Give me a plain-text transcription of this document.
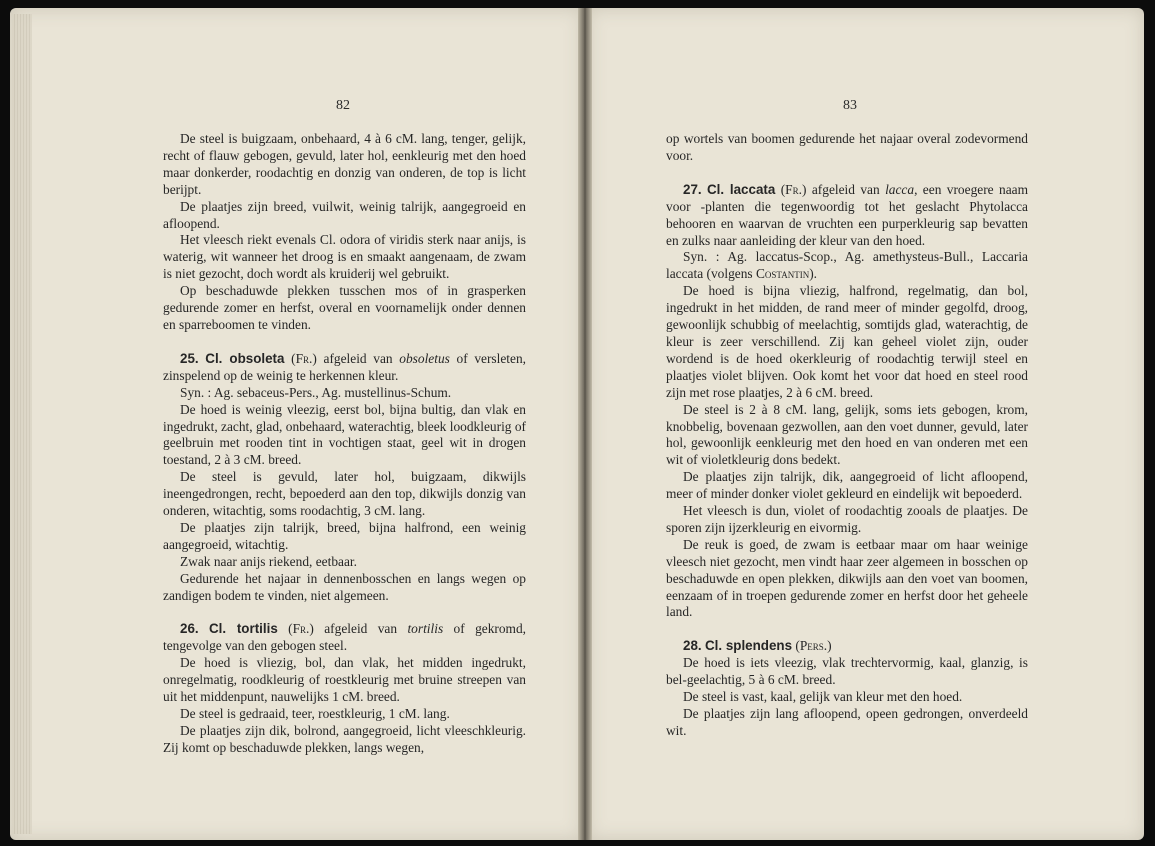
82

De steel is buigzaam, onbehaard, 4 à 6 cM. lang, tenger, gelijk, recht of flauw gebogen, gevuld, later hol, eenkleurig met den hoed maar donkerder, roodachtig en donzig van onderen, de top is licht berijpt.

De plaatjes zijn breed, vuilwit, weinig talrijk, aangegroeid en afloopend.

Het vleesch riekt evenals Cl. odora of viridis sterk naar anijs, is waterig, wit wanneer het droog is en smaakt aangenaam, de zwam is niet gezocht, doch wordt als kruiderij wel gebruikt.

Op beschaduwde plekken tusschen mos of in grasperken gedurende zomer en herfst, overal en voornamelijk onder dennen en sparreboomen te vinden.

25. Cl. obsoleta (Fr.) afgeleid van obsoletus of versleten, zinspelend op de weinig te herkennen kleur.

Syn. : Ag. sebaceus-Pers., Ag. mustellinus-Schum.

De hoed is weinig vleezig, eerst bol, bijna bultig, dan vlak en ingedrukt, zacht, glad, onbehaard, waterachtig, bleek loodkleurig of geelbruin met rooden tint in vochtigen staat, geel wit in drogen toestand, 2 à 3 cM. breed.

De steel is gevuld, later hol, buigzaam, dikwijls ineengedrongen, recht, bepoederd aan den top, dikwijls donzig van onderen, witachtig, soms roodachtig, 3 cM. lang.

De plaatjes zijn talrijk, breed, bijna halfrond, een weinig aangegroeid, witachtig.

Zwak naar anijs riekend, eetbaar.

Gedurende het najaar in dennenbosschen en langs wegen op zandigen bodem te vinden, niet algemeen.

26. Cl. tortilis (Fr.) afgeleid van tortilis of gekromd, tengevolge van den gebogen steel.

De hoed is vliezig, bol, dan vlak, het midden ingedrukt, onregelmatig, roodkleurig of roestkleurig met bruine streepen van uit het middenpunt, nauwelijks 1 cM. breed.

De steel is gedraaid, teer, roestkleurig, 1 cM. lang.

De plaatjes zijn dik, bolrond, aangegroeid, licht vleeschkleurig. Zij komt op beschaduwde plekken, langs wegen,

83

op wortels van boomen gedurende het najaar overal zodevormend voor.

27. Cl. laccata (Fr.) afgeleid van lacca, een vroegere naam voor -planten die tegenwoordig tot het geslacht Phytolacca behooren en waarvan de vruchten een purperkleurig sap bevatten en zulks naar aanleiding der kleur van den hoed.

Syn. : Ag. laccatus-Scop., Ag. amethysteus-Bull., Laccaria laccata (volgens Costantin).

De hoed is bijna vliezig, halfrond, regelmatig, dan bol, ingedrukt in het midden, de rand meer of minder gegolfd, droog, gewoonlijk schubbig of meelachtig, somtijds glad, waterachtig, de kleur is zeer verschillend. Zij kan geheel violet zijn, ouder wordend is de hoed okerkleurig of roodachtig terwijl steel en plaatjes violet blijven. Ook komt het voor dat hoed en steel rood zijn met rose plaatjes, 2 à 6 cM. breed.

De steel is 2 à 8 cM. lang, gelijk, soms iets gebogen, krom, knobbelig, bovenaan gezwollen, aan den voet dunner, gevuld, later hol, gewoonlijk eenkleurig met den hoed en van onderen met een wit of violetkleurig dons bedekt.

De plaatjes zijn talrijk, dik, aangegroeid of licht afloopend, meer of minder donker violet gekleurd en eindelijk wit bepoederd.

Het vleesch is dun, violet of roodachtig zooals de plaatjes. De sporen zijn ijzerkleurig en eivormig.

De reuk is goed, de zwam is eetbaar maar om haar weinige vleesch niet gezocht, men vindt haar zeer algemeen in bosschen op beschaduwde en open plekken, dikwijls aan den voet van boomen, eenzaam of in troepen gedurende zomer en herfst door het geheele land.

28. Cl. splendens (Pers.)

De hoed is iets vleezig, vlak trechtervormig, kaal, glanzig, is bel-geelachtig, 5 à 6 cM. breed.

De steel is vast, kaal, gelijk van kleur met den hoed.

De plaatjes zijn lang afloopend, opeen gedrongen, onverdeeld wit.
